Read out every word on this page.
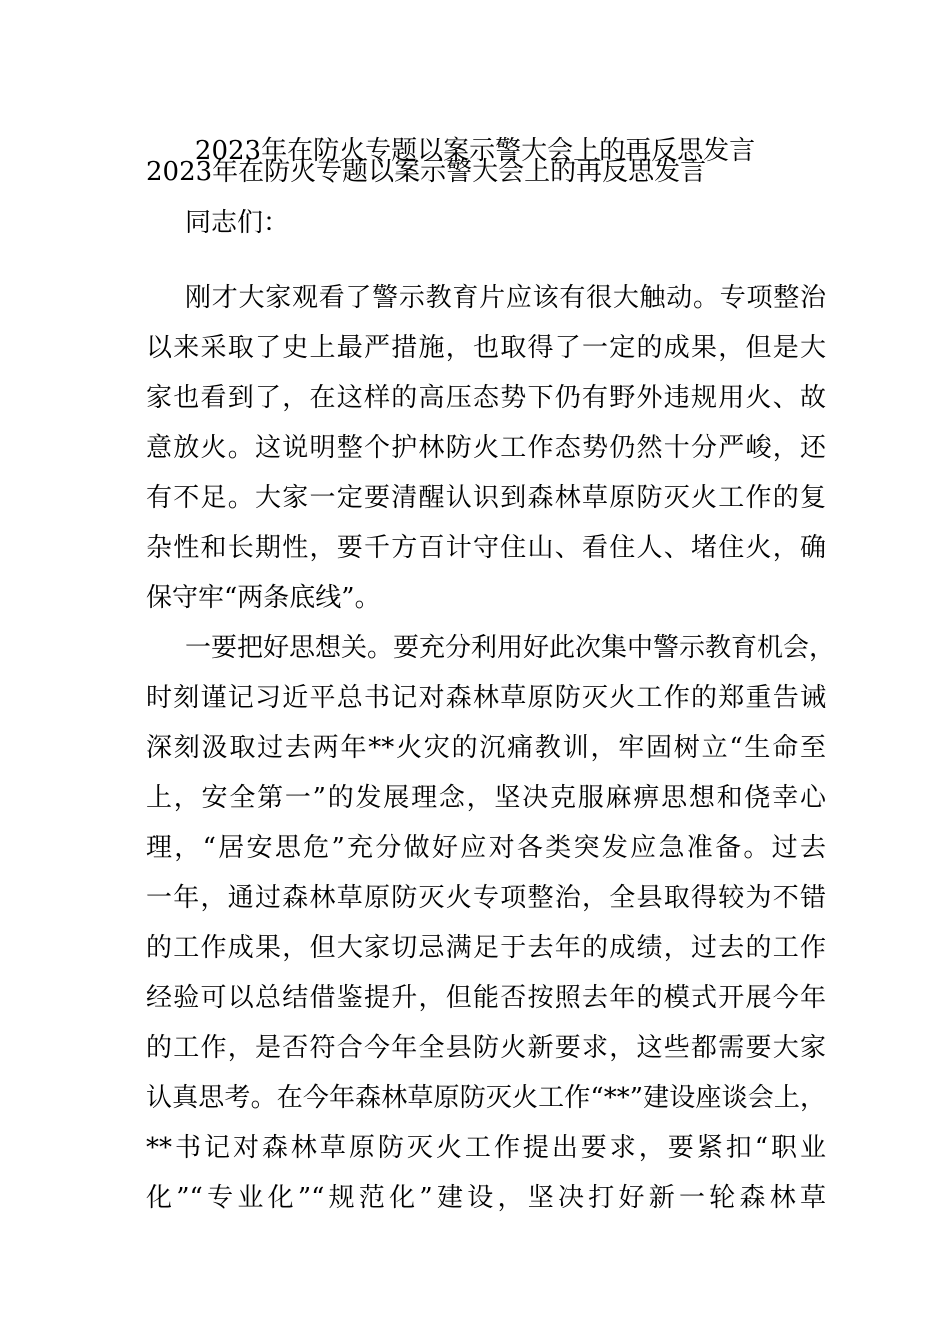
2023年在防火专题以案示警大会上的再反思发言
2023年在防火专题以案示警大会上的再反思发言
同志们：
刚才大家观看了警示教育片应该有很大触动。专项整治
以来采取了史上最严措施，也取得了一定的成果，但是大
家也看到了，在这样的高压态势下仍有野外违规用火、故
意放火。这说明整个护林防火工作态势仍然十分严峻，还
有不足。大家一定要清醒认识到森林草原防灭火工作的复
杂性和长期性，要千方百计守住山、看住人、堵住火，确
保守牢“两条底线”。
一要把好思想关。要充分利用好此次集中警示教育机会，
时刻谨记习近平总书记对森林草原防灭火工作的郑重告诫
深刻汲取过去两年**火灾的沉痛教训，牢固树立“生命至
上，安全第一”的发展理念，坚决克服麻痹思想和侥幸心
理，“居安思危”充分做好应对各类突发应急准备。过去
一年，通过森林草原防灭火专项整治，全县取得较为不错
的工作成果，但大家切忌满足于去年的成绩，过去的工作
经验可以总结借鉴提升，但能否按照去年的模式开展今年
的工作，是否符合今年全县防火新要求，这些都需要大家
认真思考。在今年森林草原防灭火工作“**”建设座谈会上，
**书记对森林草原防灭火工作提出要求，要紧扣“职业
化”“专业化”“规范化”建设，坚决打好新一轮森林草
